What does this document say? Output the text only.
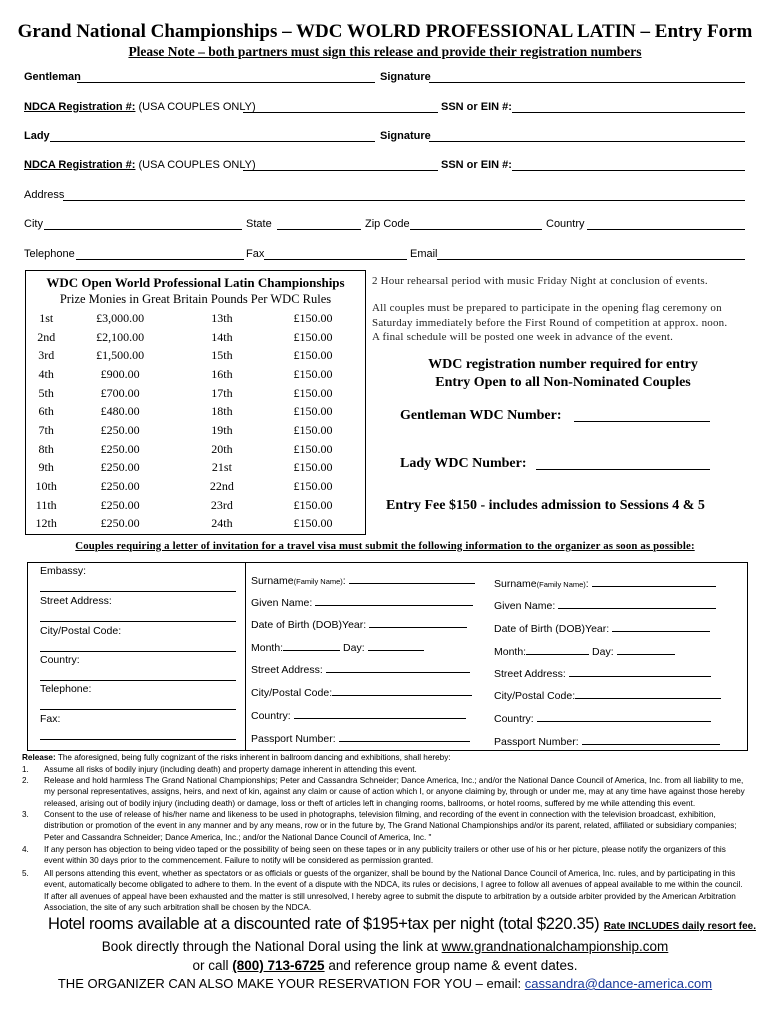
Grand National Championships – WDC WOLRD PROFESSIONAL LATIN – Entry Form
Please Note – both partners must sign this release and provide their registration numbers
Gentleman	Signature
NDCA Registration #: (USA COUPLES ONLY)	SSN or EIN #:
Lady	Signature
NDCA Registration #: (USA COUPLES ONLY)	SSN or EIN #:
Address
City	State	Zip Code	Country
Telephone	Fax	Email
WDC Open World Professional Latin Championships
Prize Monies in Great Britain Pounds Per WDC Rules
1st	£3,000.00	13th	£150.00
2nd	£2,100.00	14th	£150.00
3rd	£1,500.00	15th	£150.00
4th	£900.00	16th	£150.00
5th	£700.00	17th	£150.00
6th	£480.00	18th	£150.00
7th	£250.00	19th	£150.00
8th	£250.00	20th	£150.00
9th	£250.00	21st	£150.00
10th	£250.00	22nd	£150.00
11th	£250.00	23rd	£150.00
12th	£250.00	24th	£150.00
2 Hour rehearsal period with music Friday Night at conclusion of events.
All couples must be prepared to participate in the opening flag ceremony on Saturday immediately before the First Round of competition at approx. noon. A final schedule will be posted one week in advance of the event.
WDC registration number required for entry
Entry Open to all Non-Nominated Couples
Gentleman WDC Number:
Lady WDC Number:
Entry Fee $150 - includes admission to Sessions 4 & 5
Couples requiring a letter of invitation for a travel visa must submit the following information to the organizer as soon as possible:
Embassy:
Street Address:
City/Postal Code:
Country:
Telephone:
Fax:
Surname(Family Name):
Given Name:
Date of Birth (DOB)Year:
Month:	Day:
Street Address:
City/Postal Code:
Country:
Passport Number:
Surname(Family Name):
Given Name:
Date of Birth (DOB)Year:
Month:	Day:
Street Address:
City/Postal Code:
Country:
Passport Number:
Release: The aforesigned, being fully cognizant of the risks inherent in ballroom dancing and exhibitions, shall hereby:
1. Assume all risks of bodily injury (including death) and property damage inherent in attending this event.
2. Release and hold harmless The Grand National Championships; Peter and Cassandra Schneider; Dance America, Inc.; and/or the National Dance Council of America, Inc. from all liability to me, my personal representatives, assigns, heirs, and next of kin, against any claim or cause of action which I, or anyone claiming by, through or under me, may at any time have against those hereby released, arising out of bodily injury (including death) or damage, loss or theft of articles left in changing rooms, ballrooms, or hotel rooms, suffered by me while attending this event.
3. Consent to the use of release of his/her name and likeness to be used in photographs, television filming, and recording of the event in connection with the television broadcast, exhibition, distribution or promotion of the event in any manner and by any means, row or in the future by, The Grand National Championships and/or its parent, related, affiliated or subsidiary companies; Peter and Cassandra Schneider; Dance America, Inc.; and/or the National Dance Council of America, Inc. "
4. If any person has objection to being video taped or the possibility of being seen on these tapes or in any publicity trailers or other use of his or her picture, please notify the organizers of this event within 30 days prior to the commencement. Failure to notify will be considered as permission granted.
5. All persons attending this event, whether as spectators or as officials or guests of the organizer, shall be bound by the National Dance Council of America, Inc. rules, and by participating in this event, automatically become obligated to adhere to them. In the event of a dispute with the NDCA, its rules or decisions, I agree to follow all avenues of appeal available to me within the council. If after all avenues of appeal have been exhausted and the matter is still unresolved, I hereby agree to submit the dispute to arbitration by a outside arbiter provided by the American Arbitration Association, the site of any such arbitration shall be chosen by the NDCA.
Hotel rooms available at a discounted rate of $195+tax per night (total $220.35) Rate INCLUDES daily resort fee.
Book directly through the National Doral using the link at www.grandnationalchampionship.com
or call (800) 713-6725 and reference group name & event dates.
THE ORGANIZER CAN ALSO MAKE YOUR RESERVATION FOR YOU – email: cassandra@dance-america.com
